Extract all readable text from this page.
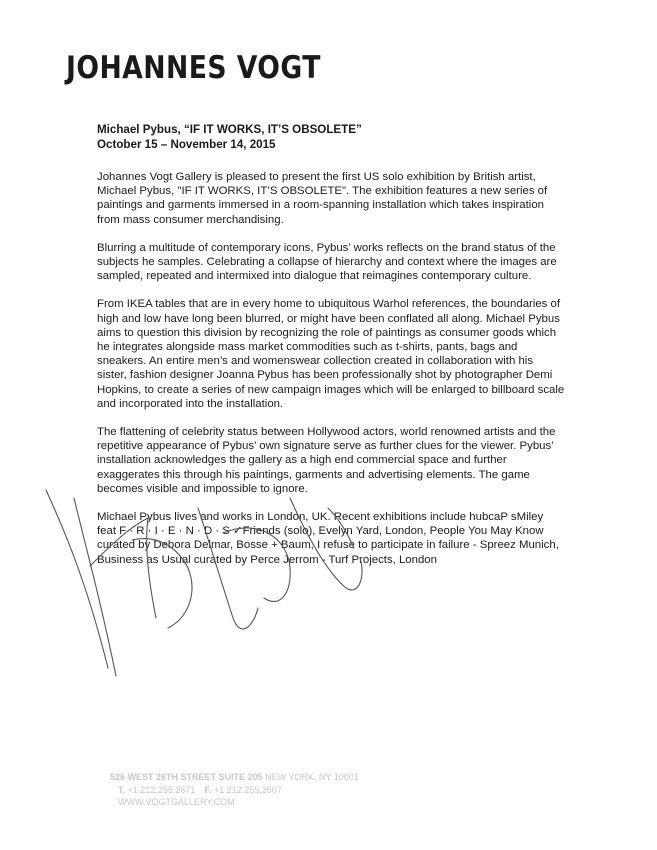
JOHANNES VOGT
Michael Pybus, “IF IT WORKS, IT’S OBSOLETE”
October 15 – November 14, 2015

Johannes Vogt Gallery is pleased to present the first US solo exhibition by British artist, Michael Pybus, "IF IT WORKS, IT’S OBSOLETE". The exhibition features a new series of paintings and garments immersed in a room-spanning installation which takes inspiration from mass consumer merchandising.

Blurring a multitude of contemporary icons, Pybus’ works reflects on the brand status of the subjects he samples. Celebrating a collapse of hierarchy and context where the images are sampled, repeated and intermixed into dialogue that reimagines contemporary culture.

From IKEA tables that are in every home to ubiquitous Warhol references, the boundaries of high and low have long been blurred, or might have been conflated all along. Michael Pybus aims to question this division by recognizing the role of paintings as consumer goods which he integrates alongside mass market commodities such as t-shirts, pants, bags and sneakers. An entire men’s and womenswear collection created in collaboration with his sister, fashion designer Joanna Pybus has been professionally shot by photographer Demi Hopkins, to create a series of new campaign images which will be enlarged to billboard scale and incorporated into the installation.

The flattening of celebrity status between Hollywood actors, world renowned artists and the repetitive appearance of Pybus’ own signature serve as further clues for the viewer. Pybus’ installation acknowledges the gallery as a high end commercial space and further exaggerates this through his paintings, garments and advertising elements. The game becomes visible and impossible to ignore.

Michael Pybus lives and works in London, UK. Recent exhibitions include hubcaP sMiley feat F · R · I · E · N · D · S ✓Friends (solo), Evelyn Yard, London, People You May Know curated by Debora Delmar, Bosse + Baum, I refuse to participate in failure - Spreez Munich, Business as Usual curated by Perce Jerrom - Turf Projects, London

526 WEST 26TH STREET SUITE 205 NEW YORK, NY 10001
T. +1 212.255.2671 F. +1 212.255.2607
WWW.VOGTGALLERY.COM
